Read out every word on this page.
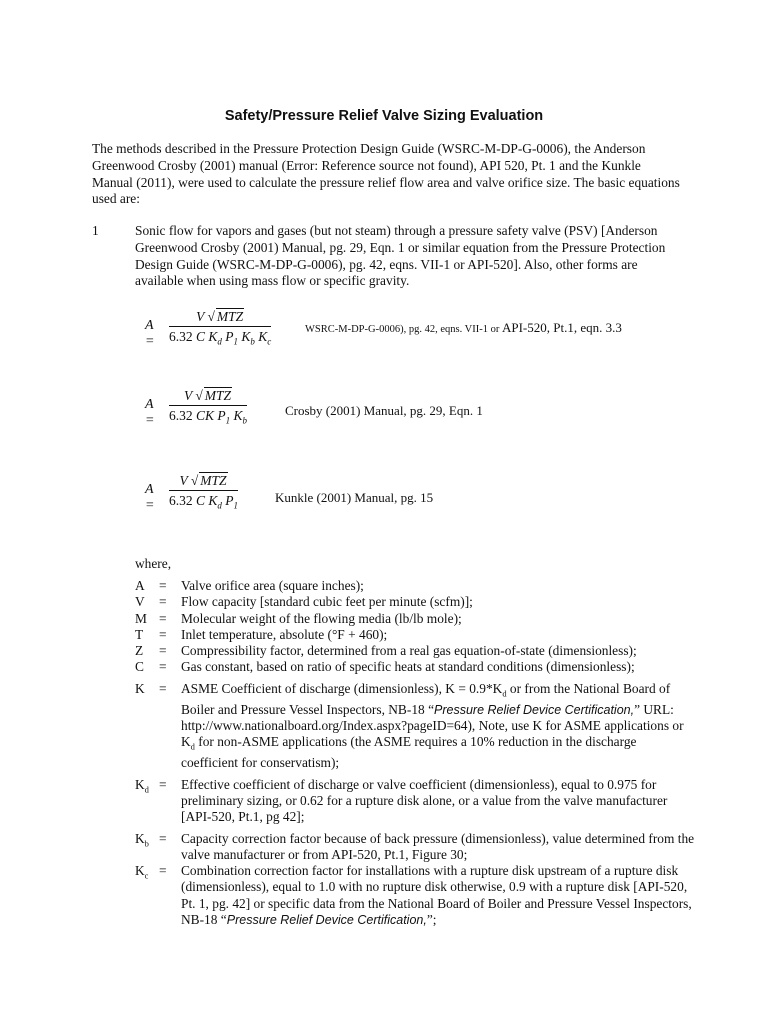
Safety/Pressure Relief Valve Sizing Evaluation
The methods described in the Pressure Protection Design Guide (WSRC-M-DP-G-0006), the Anderson Greenwood Crosby (2001) manual (Error: Reference source not found), API 520, Pt. 1 and the Kunkle Manual (2011), were used to calculate the pressure relief flow area and valve orifice size. The basic equations used are:
1	Sonic flow for vapors and gases (but not steam) through a pressure safety valve (PSV) [Anderson Greenwood Crosby (2001) Manual, pg. 29, Eqn. 1 or similar equation from the Pressure Protection Design Guide (WSRC-M-DP-G-0006), pg. 42, eqns. VII-1 or API-520]. Also, other forms are available when using mass flow or specific gravity.
A =
V √ MTZ
6.32 C $K_d$ $P_1$ $K_b$ $K_c$
WSRC-M-DP-G-0006), pg. 42, eqns. VII-1 or API-520, Pt.1, eqn. 3.3
A =
V √ MTZ
6.32 CK $P_1$ $K_b$
Crosby (2001) Manual, pg. 29, Eqn. 1
A =
V √ MTZ
6.32 C $K_d$ $P_1$
Kunkle (2001) Manual, pg. 15
where,
A	= Valve orifice area (square inches);
V	= Flow capacity [standard cubic feet per minute (scfm)];
M = Molecular weight of the flowing media (lb/lb mole);
T	= Inlet temperature, absolute (°F + 460);
Z	= Compressibility factor, determined from a real gas equation-of-state (dimensionless);
C	= Gas constant, based on ratio of specific heats at standard conditions (dimensionless);
K	= ASME Coefficient of discharge (dimensionless), $K = 0.9*K_d$ or from the National Board of Boiler and Pressure Vessel Inspectors, NB-18 “Pressure Relief Device Certification,” URL: http://www.nationalboard.org/Index.aspx?pageID=64), Note, use K for ASME applications or $K_d$ for non-ASME applications (the ASME requires a 10% reduction in the discharge coefficient for conservatism);
$K_d$ = Effective coefficient of discharge or valve coefficient (dimensionless), equal to 0.975 for preliminary sizing, or 0.62 for a rupture disk alone, or a value from the valve manufacturer [API-520, Pt.1, pg 42];
$K_b$ = Capacity correction factor because of back pressure (dimensionless), value determined from the valve manufacturer or from API-520, Pt.1, Figure 30;
$K_c$ = Combination correction factor for installations with a rupture disk upstream of a rupture disk (dimensionless), equal to 1.0 with no rupture disk otherwise, 0.9 with a rupture disk [API-520, Pt. 1, pg. 42] or specific data from the National Board of Boiler and Pressure Vessel Inspectors, NB-18 “Pressure Relief Device Certification,”;
